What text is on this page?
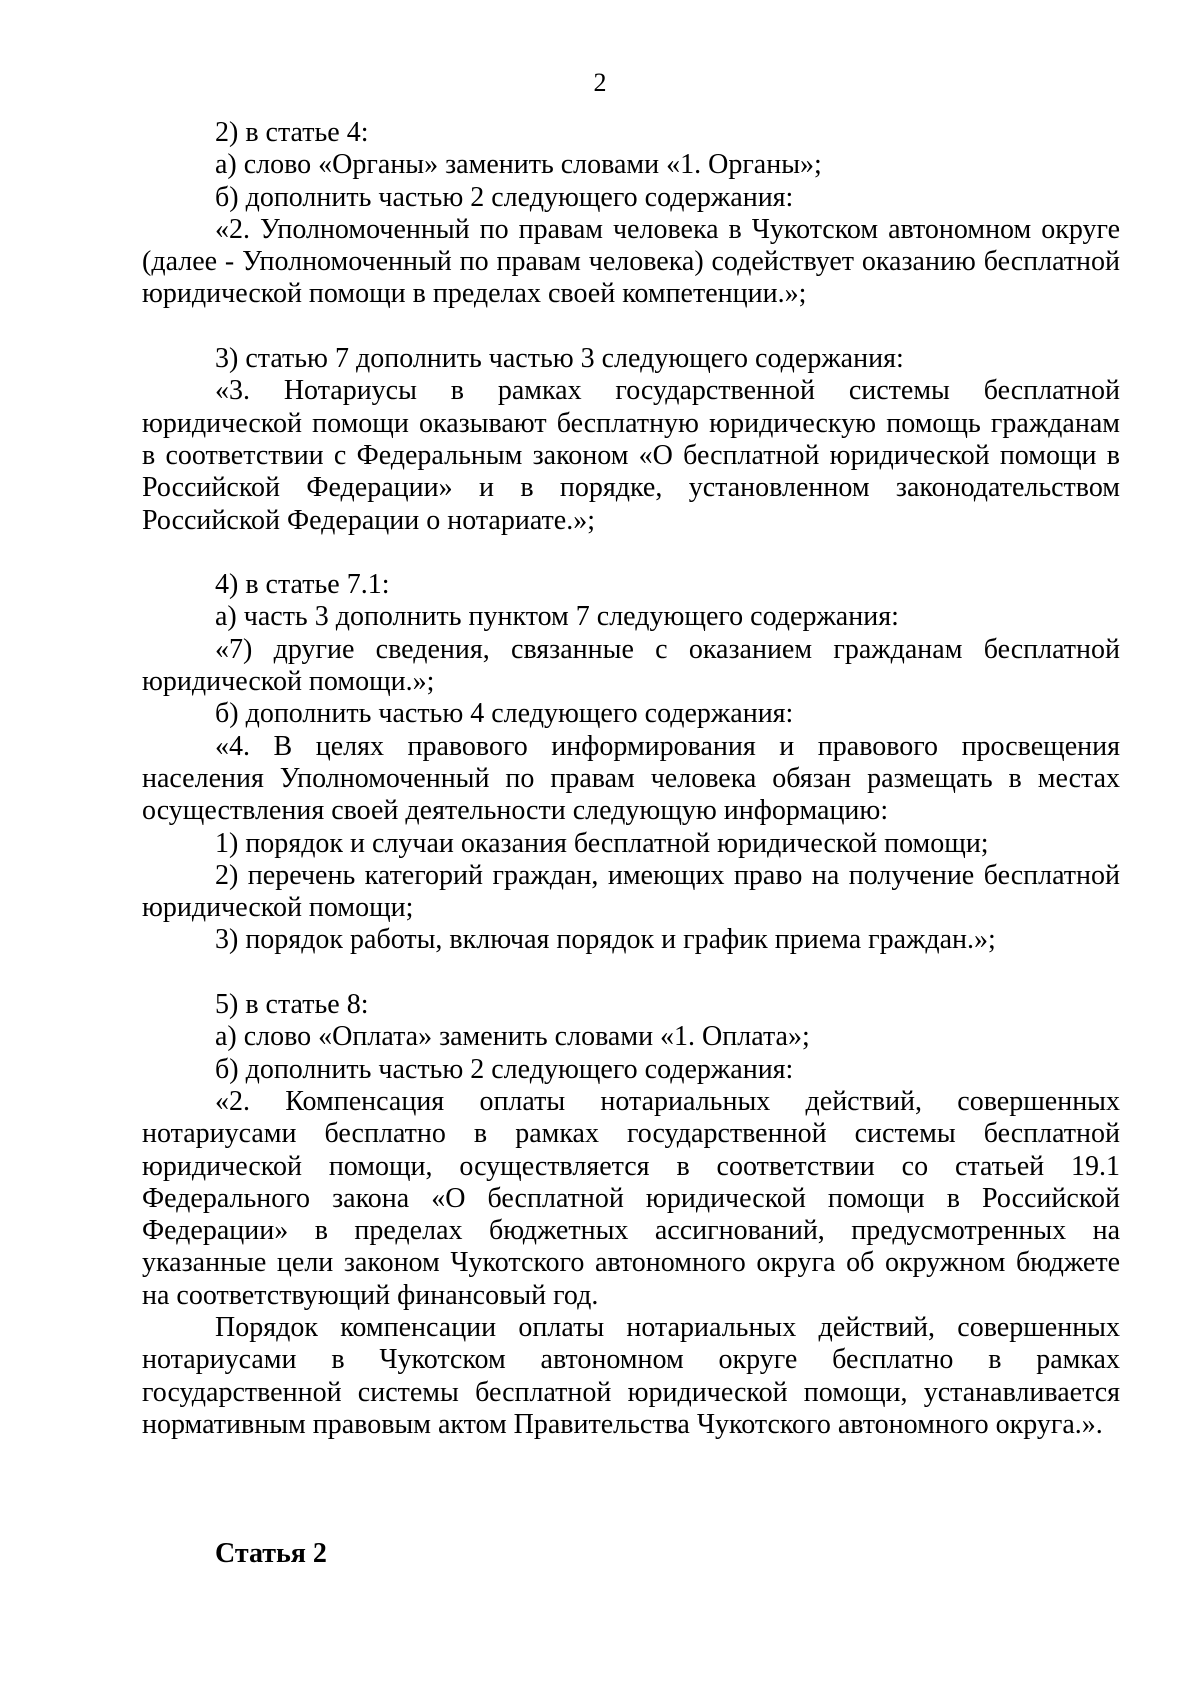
2

2) в статье 4:

а) слово «Органы» заменить словами «1. Органы»;

б) дополнить частью 2 следующего содержания:

«2. Уполномоченный по правам человека в Чукотском автономном округе (далее - Уполномоченный по правам человека) содействует оказанию бесплатной юридической помощи в пределах своей компетенции.»;

3) статью 7 дополнить частью 3 следующего содержания:

«3. Нотариусы в рамках государственной системы бесплатной юридической помощи оказывают бесплатную юридическую помощь гражданам в соответствии с Федеральным законом «О бесплатной юридической помощи в Российской Федерации» и в порядке, установленном законодательством Российской Федерации о нотариате.»;

4) в статье 7.1:

а) часть 3 дополнить пунктом 7 следующего содержания:

«7) другие сведения, связанные с оказанием гражданам бесплатной юридической помощи.»;

б) дополнить частью 4 следующего содержания:

«4. В целях правового информирования и правового просвещения населения Уполномоченный по правам человека обязан размещать в местах осуществления своей деятельности следующую информацию:

1) порядок и случаи оказания бесплатной юридической помощи;

2) перечень категорий граждан, имеющих право на получение бесплатной юридической помощи;

3) порядок работы, включая порядок и график приема граждан.»;

5) в статье 8:

а) слово «Оплата» заменить словами «1. Оплата»;

б) дополнить частью 2 следующего содержания:

«2. Компенсация оплаты нотариальных действий, совершенных нотариусами бесплатно в рамках государственной системы бесплатной юридической помощи, осуществляется в соответствии со статьей 19.1 Федерального закона «О бесплатной юридической помощи в Российской Федерации» в пределах бюджетных ассигнований, предусмотренных на указанные цели законом Чукотского автономного округа об окружном бюджете на соответствующий финансовый год.

Порядок компенсации оплаты нотариальных действий, совершенных нотариусами в Чукотском автономном округе бесплатно в рамках государственной системы бесплатной юридической помощи, устанавливается нормативным правовым актом Правительства Чукотского автономного округа.».

Статья 2
